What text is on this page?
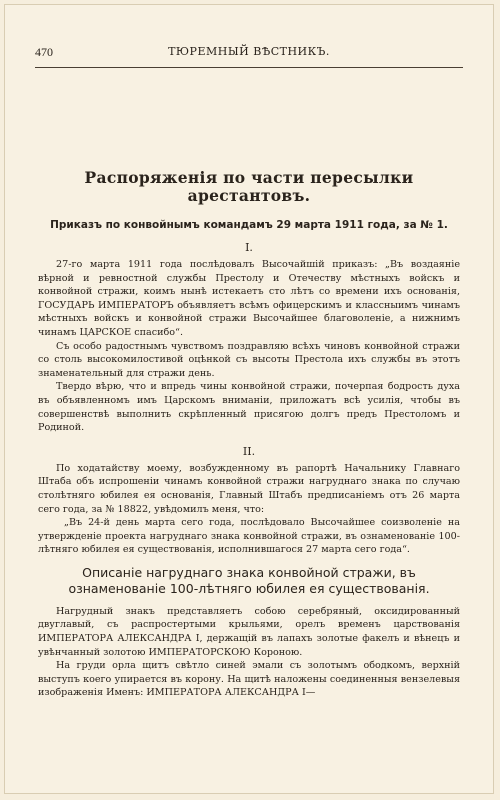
470	ТЮРЕМНЫЙ ВѢСТНИКЪ.
Распоряженія по части пересылки арестантовъ.
Приказъ по конвойнымъ командамъ 29 марта 1911 года, за № 1.
I.

27-го марта 1911 года послѣдовалъ Высочайшій приказъ: „Въ воздаяніе вѣрной и ревностной службы Престолу и Отечеству мѣстныхъ войскъ и конвойной стражи, коимъ нынѣ истекаетъ сто лѣтъ со времени ихъ основанія, ГОСУДАРЬ ИМПЕРАТОРЪ объявляетъ всѣмъ офицерскимъ и классныимъ чинамъ мѣстныхъ войскъ и конвойной стражи Высочайшее благоволеніе, а нижнимъ чинамъ ЦАРСКОЕ спасибо“.

Съ особо радостнымъ чувствомъ поздравляю всѣхъ чиновъ конвойной стражи со столь высокомилостивой оцѣнкой съ высоты Престола ихъ службы въ этотъ знаменательный для стражи день.

Твердо вѣрю, что и впредь чины конвойной стражи, почерпая бодрость духа въ объявленномъ имъ Царскомъ вниманіи, приложатъ всѣ усилія, чтобы въ совершенствѣ выполнить скрѣпленный присягою долгъ предъ Престоломъ и Родиной.

II.

По ходатайству моему, возбужденному въ рапортѣ Начальнику Главнаго Штаба объ испрошеніи чинамъ конвойной стражи нагруднаго знака по случаю столѣтняго юбилея ея основанія, Главный Штабъ предписаніемъ отъ 26 марта сего года, за № 18822, увѣдомилъ меня, что:

„Въ 24-й день марта сего года, послѣдовало Высочайшее соизволеніе на утвержденіе проекта нагруднаго знака конвойной стражи, въ ознаменованіе 100-лѣтняго юбилея ея существованія, исполнившагося 27 марта сего года“.

Описаніе нагруднаго знака конвойной стражи, въ ознаменованіе 100-лѣтняго юбилея ея существованія.

Нагрудный знакъ представляетъ собою серебряный, оксидированный двуглавый, съ распростертыми крыльями, орелъ временъ царствованія ИМПЕРАТОРА АЛЕКСАНДРА I, держащій въ лапахъ золотые факелъ и вѣнецъ и увѣнчанный золотою ИМПЕРАТОРСКОЮ Короною.

На груди орла щитъ свѣтло синей эмали съ золотымъ ободкомъ, верхній выступъ коего упирается въ корону. На щитѣ наложены соединенныя вензелевыя изображенія Именъ: ИМПЕРАТОРА АЛЕКСАНДРА I—
